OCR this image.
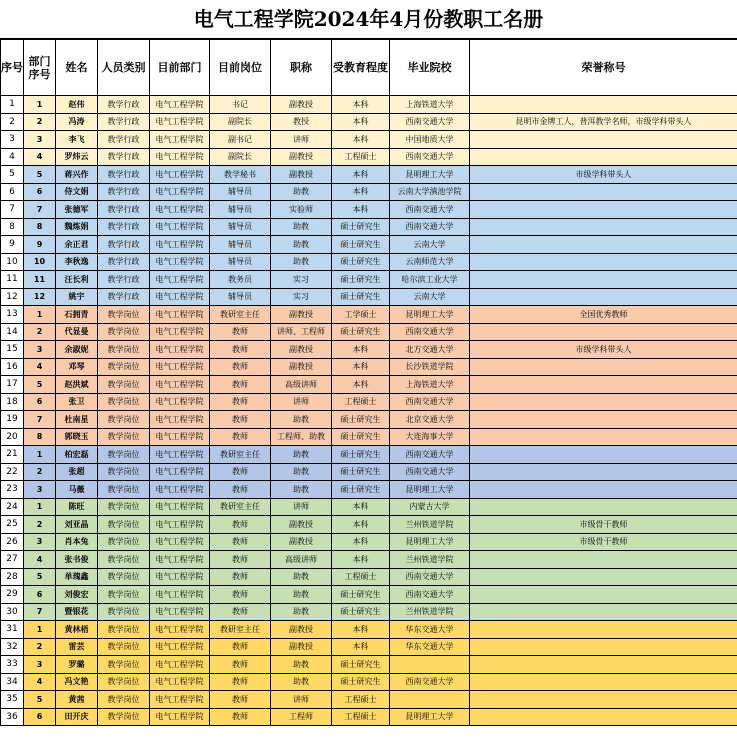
电气工程学院2024年4月份教职工名册
序号	部门序号	姓名	人员类别	目前部门	目前岗位	职称	受教育程度	毕业院校	荣誉称号
1	1	赵伟	教学行政	电气工程学院	书记	副教授	本科	上海铁道大学	
2	2	冯涛	教学行政	电气工程学院	副院长	教授	本科	西南交通大学	昆明市金牌工人，普洱教学名师，市级学科带头人
3	3	李飞	教学行政	电气工程学院	副书记	讲师	本科	中国地质大学	
4	4	罗炜云	教学行政	电气工程学院	副院长	副教授	工程硕士	西南交通大学	
5	5	蒋兴作	教学行政	电气工程学院	教学秘书	副教授	本科	昆明理工大学	市级学科带头人
6	6	侍文娟	教学行政	电气工程学院	辅导员	助教	本科	云南大学滇池学院	
7	7	张德军	教学行政	电气工程学院	辅导员	实验师	本科	西南交通大学	
8	8	魏炼娟	教学行政	电气工程学院	辅导员	助教	硕士研究生	西南交通大学	
9	9	余正君	教学行政	电气工程学院	辅导员	助教	硕士研究生	云南大学	
10	10	李秋逸	教学行政	电气工程学院	辅导员	助教	硕士研究生	云南师范大学	
11	11	汪长利	教学行政	电气工程学院	教务员	实习	硕士研究生	哈尔滨工业大学	
12	12	姚宇	教学行政	电气工程学院	辅导员	实习	硕士研究生	云南大学	
13	1	石拥青	教学岗位	电气工程学院	教研室主任	副教授	工学硕士	昆明理工大学	全国优秀教师
14	2	代显曼	教学岗位	电气工程学院	教师	讲师、工程师	硕士研究生	西南交通大学	
15	3	余淑妮	教学岗位	电气工程学院	教师	副教授	本科	北方交通大学	市级学科带头人
16	4	邓琴	教学岗位	电气工程学院	教师	副教授	本科	长沙铁道学院	
17	5	赵洪斌	教学岗位	电气工程学院	教师	高级讲师	本科	上海铁道大学	
18	6	张卫	教学岗位	电气工程学院	教师	讲师	工程硕士	西南交通大学	
19	7	杜南星	教学岗位	电气工程学院	教师	助教	硕士研究生	北京交通大学	
20	8	郭晓玉	教学岗位	电气工程学院	教师	工程师、助教	硕士研究生	大连海事大学	
21	1	柏宏磊	教学岗位	电气工程学院	教研室主任	助教	硕士研究生	西南交通大学	
22	2	张超	教学岗位	电气工程学院	教师	助教	硕士研究生	西南交通大学	
23	3	马薇	教学岗位	电气工程学院	教师	助教	硕士研究生	昆明理工大学	
24	1	陈旺	教学岗位	电气工程学院	教研室主任	讲师	本科	内蒙古大学	
25	2	刘亚晶	教学岗位	电气工程学院	教师	副教授	本科	兰州铁道学院	市级骨干教师
26	3	肖本兔	教学岗位	电气工程学院	教师	副教授	本科	昆明理工大学	市级骨干教师
27	4	张书俊	教学岗位	电气工程学院	教师	高级讲师	本科	兰州铁道学院	
28	5	单瑰鑫	教学岗位	电气工程学院	教师	助教	工程硕士	西南交通大学	
29	6	刘俊宏	教学岗位	电气工程学院	教师	助教	硕士研究生	西南交通大学	
30	7	暨银花	教学岗位	电气工程学院	教师	助教	硕士研究生	兰州铁道学院	
31	1	黄林梧	教学岗位	电气工程学院	教研室主任	副教授	本科	华东交通大学	
32	2	雷芸	教学岗位	电气工程学院	教师	副教授	本科	华东交通大学	
33	3	罗璐	教学岗位	电气工程学院	教师	助教	硕士研究生		
34	4	冯文艳	教学岗位	电气工程学院	教师	助教	硕士研究生	西南交通大学	
35	5	黄茜	教学岗位	电气工程学院	教师	讲师	工程硕士		
36	6	田开庆	教学岗位	电气工程学院	教师	工程师	工程硕士	昆明理工大学	
